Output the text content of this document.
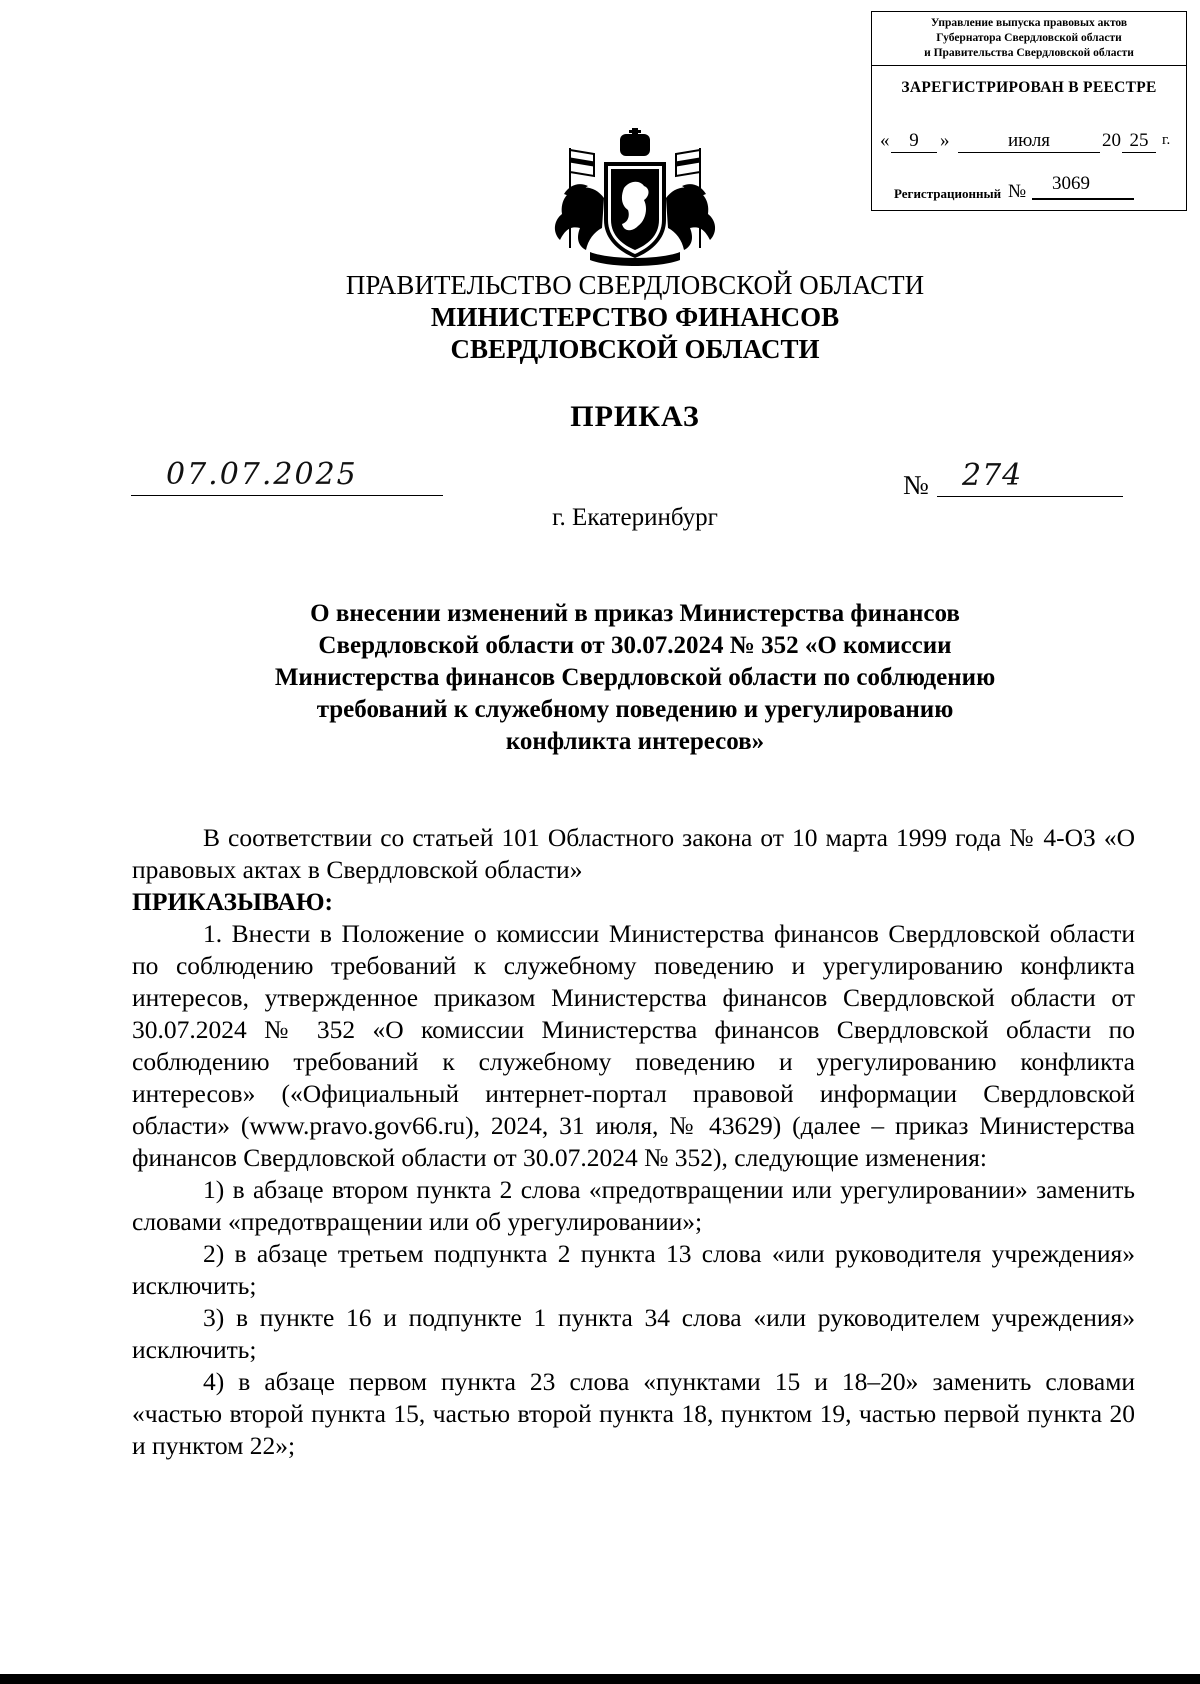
Управление выпуска правовых актов
Губернатора Свердловской области
и Правительства Свердловской области
ЗАРЕГИСТРИРОВАН В РЕЕСТРЕ
«	9	»	июля	20 25 г.
Регистрационный №	3069
ПРАВИТЕЛЬСТВО СВЕРДЛОВСКОЙ ОБЛАСТИ
МИНИСТЕРСТВО ФИНАНСОВ
СВЕРДЛОВСКОЙ ОБЛАСТИ
ПРИКАЗ
07.07.2025	№ 274
г. Екатеринбург
О внесении изменений в приказ Министерства финансов
Свердловской области от 30.07.2024 № 352 «О комиссии
Министерства финансов Свердловской области по соблюдению
требований к служебному поведению и урегулированию
конфликта интересов»

В соответствии со статьей 101 Областного закона от 10 марта 1999 года № 4-ОЗ «О правовых актах в Свердловской области»

ПРИКАЗЫВАЮ:

1. Внести в Положение о комиссии Министерства финансов Свердловской области по соблюдению требований к служебному поведению и урегулированию конфликта интересов, утвержденное приказом Министерства финансов Свердловской области от 30.07.2024 № 352 «О комиссии Министерства финансов Свердловской области по соблюдению требований к служебному поведению и урегулированию конфликта интересов» («Официальный интернет-портал правовой информации Свердловской области» (www.pravo.gov66.ru), 2024, 31 июля, № 43629) (далее – приказ Министерства финансов Свердловской области от 30.07.2024 № 352), следующие изменения:

1) в абзаце втором пункта 2 слова «предотвращении или урегулировании» заменить словами «предотвращении или об урегулировании»;

2) в абзаце третьем подпункта 2 пункта 13 слова «или руководителя учреждения» исключить;

3) в пункте 16 и подпункте 1 пункта 34 слова «или руководителем учреждения» исключить;

4) в абзаце первом пункта 23 слова «пунктами 15 и 18–20» заменить словами «частью второй пункта 15, частью второй пункта 18, пунктом 19, частью первой пункта 20 и пунктом 22»;
